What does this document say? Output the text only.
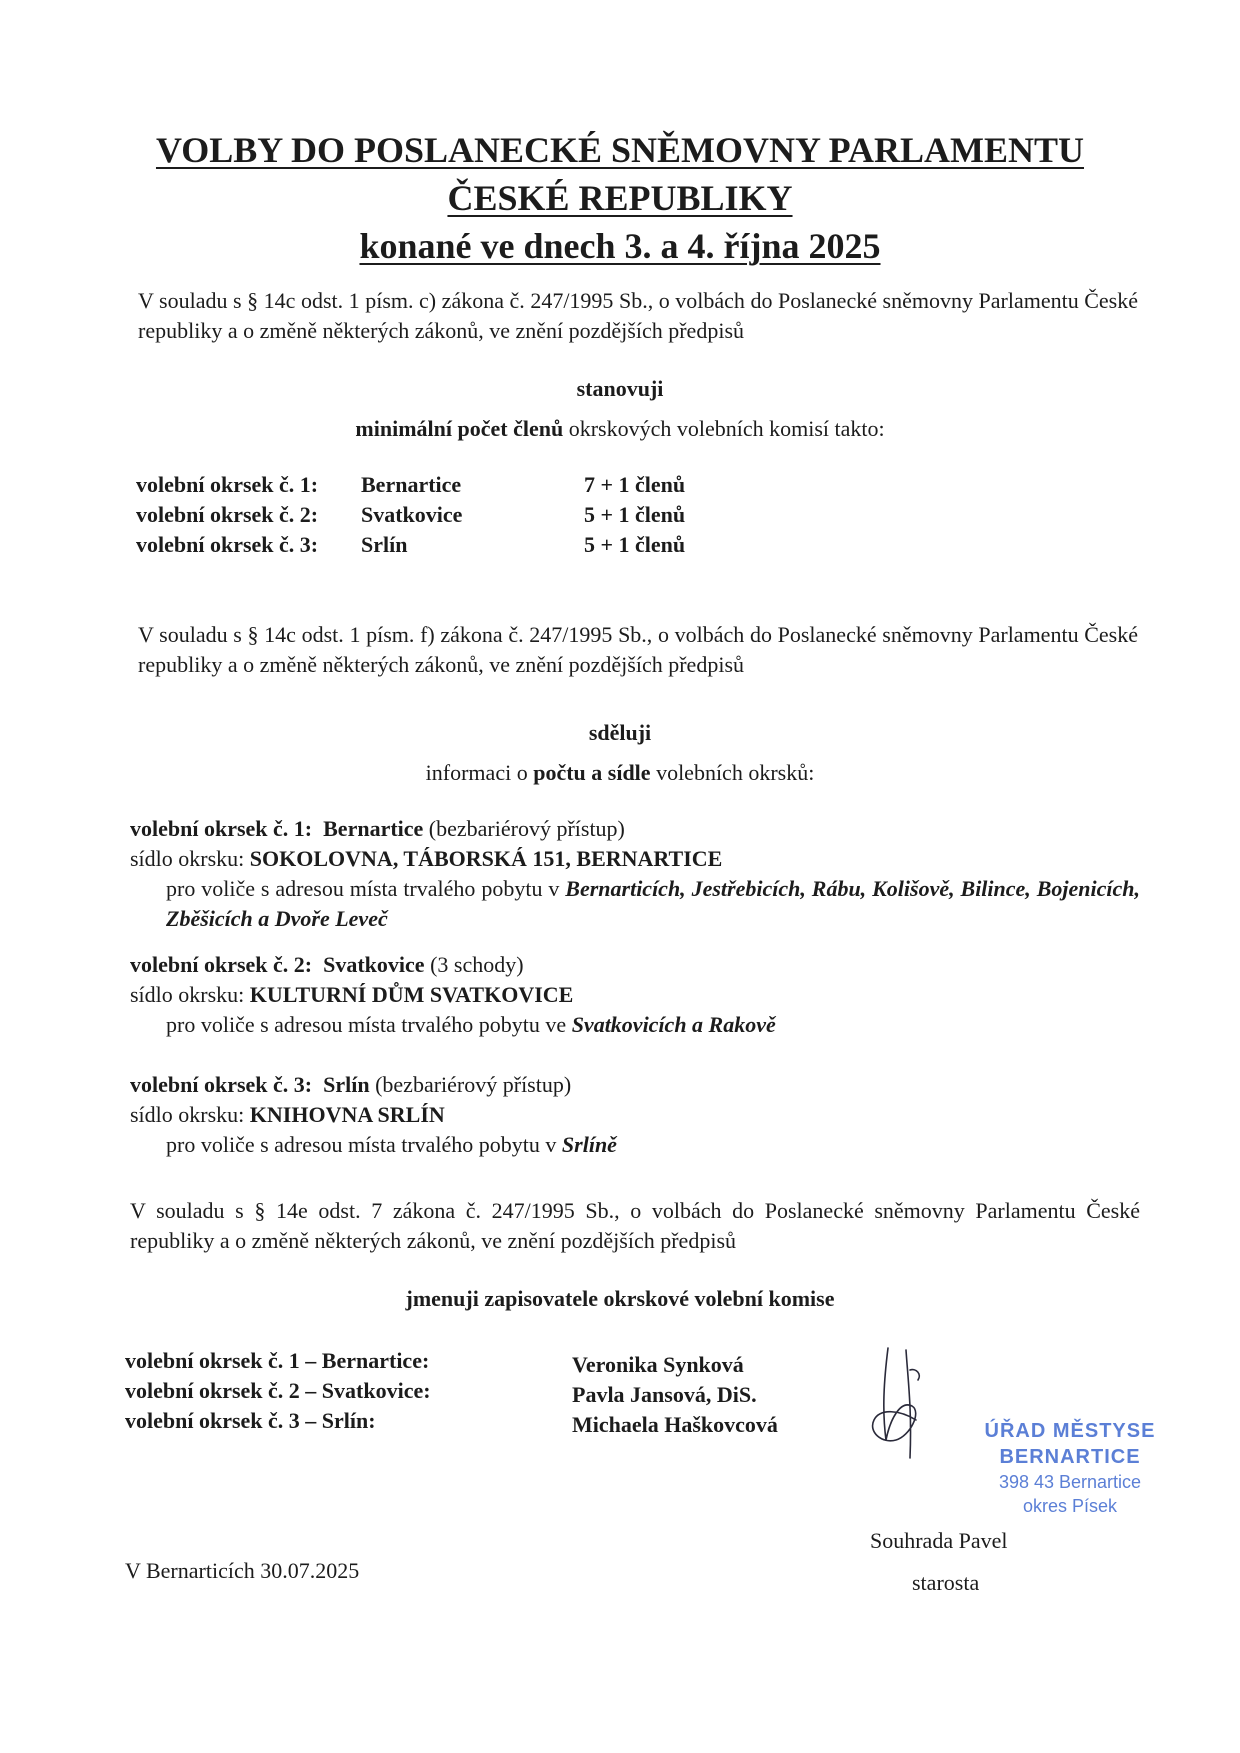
VOLBY DO POSLANECKÉ SNĚMOVNY PARLAMENTU
ČESKÉ REPUBLIKY
konané ve dnech 3. a 4. října 2025
V souladu s § 14c odst. 1 písm. c) zákona č. 247/1995 Sb., o volbách do Poslanecké sněmovny Parlamentu České republiky a o změně některých zákonů, ve znění pozdějších předpisů
stanovuji
minimální počet členů okrskových volebních komisí takto:
volební okrsek č. 1: Bernartice	7 + 1 členů
volební okrsek č. 2: Svatkovice	5 + 1 členů
volební okrsek č. 3: Srlín	5 + 1 členů
V souladu s § 14c odst. 1 písm. f) zákona č. 247/1995 Sb., o volbách do Poslanecké sněmovny Parlamentu České republiky a o změně některých zákonů, ve znění pozdějších předpisů
sděluji
informaci o počtu a sídle volebních okrsků:
volební okrsek č. 1: Bernartice (bezbariérový přístup)
sídlo okrsku: SOKOLOVNA, TÁBORSKÁ 151, BERNARTICE
pro voliče s adresou místa trvalého pobytu v Bernarticích, Jestřebicích, Rábu, Kolišově, Bilince, Bojenicích, Zběšicích a Dvoře Leveč
volební okrsek č. 2: Svatkovice (3 schody)
sídlo okrsku: KULTURNÍ DŮM SVATKOVICE
pro voliče s adresou místa trvalého pobytu ve Svatkovicích a Rakově
volební okrsek č. 3: Srlín (bezbariérový přístup)
sídlo okrsku: KNIHOVNA SRLÍN
pro voliče s adresou místa trvalého pobytu v Srlíně
V souladu s § 14e odst. 7 zákona č. 247/1995 Sb., o volbách do Poslanecké sněmovny Parlamentu České republiky a o změně některých zákonů, ve znění pozdějších předpisů
jmenuji zapisovatele okrskové volební komise
volební okrsek č. 1 – Bernartice:	Veronika Synková
volební okrsek č. 2 – Svatkovice:	Pavla Jansová, DiS.
volební okrsek č. 3 – Srlín:	Michaela Haškovcová	ÚŘAD MĚSTYSE BERNARTICE
398 43 Bernartice
okres Písek
V Bernarticích 30.07.2025
Souhrada Pavel
starosta
